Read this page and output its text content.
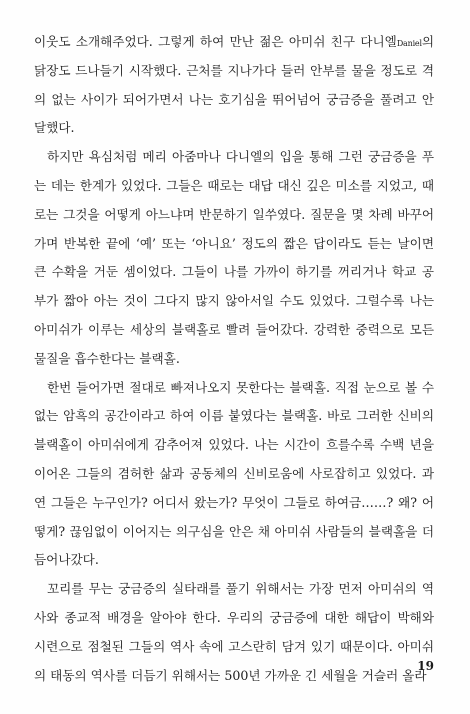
이웃도 소개해주었다. 그렇게 하여 만난 젊은 아미쉬 친구 다니엘Daniel의
닭장도 드나들기 시작했다. 근처를 지나가다 들러 안부를 물을 정도로 격
의 없는 사이가 되어가면서 나는 호기심을 뛰어넘어 궁금증을 풀려고 안
달했다.
하지만 욕심처럼 메리 아줌마나 다니엘의 입을 통해 그런 궁금증을 푸
는 데는 한계가 있었다. 그들은 때로는 대답 대신 깊은 미소를 지었고, 때
로는 그것을 어떻게 아느냐며 반문하기 일쑤였다. 질문을 몇 차례 바꾸어
가며 반복한 끝에 ‘예’ 또는 ‘아니요’ 정도의 짧은 답이라도 듣는 날이면
큰 수확을 거둔 셈이었다. 그들이 나를 가까이 하기를 꺼리거나 학교 공
부가 짧아 아는 것이 그다지 많지 않아서일 수도 있었다. 그럴수록 나는
아미쉬가 이루는 세상의 블랙홀로 빨려 들어갔다. 강력한 중력으로 모든
물질을 흡수한다는 블랙홀.
한번 들어가면 절대로 빠져나오지 못한다는 블랙홀. 직접 눈으로 볼 수
없는 암흑의 공간이라고 하여 이름 붙였다는 블랙홀. 바로 그러한 신비의
블랙홀이 아미쉬에게 감추어져 있었다. 나는 시간이 흐를수록 수백 년을
이어온 그들의 겸허한 삶과 공동체의 신비로움에 사로잡히고 있었다. 과
연 그들은 누구인가? 어디서 왔는가? 무엇이 그들로 하여금……? 왜? 어
떻게? 끊임없이 이어지는 의구심을 안은 채 아미쉬 사람들의 블랙홀을 더
듬어나갔다.
꼬리를 무는 궁금증의 실타래를 풀기 위해서는 가장 먼저 아미쉬의 역
사와 종교적 배경을 알아야 한다. 우리의 궁금증에 대한 해답이 박해와
시련으로 점철된 그들의 역사 속에 고스란히 담겨 있기 때문이다. 아미쉬
의 태동의 역사를 더듬기 위해서는 500년 가까운 긴 세월을 거슬러 올라
19
